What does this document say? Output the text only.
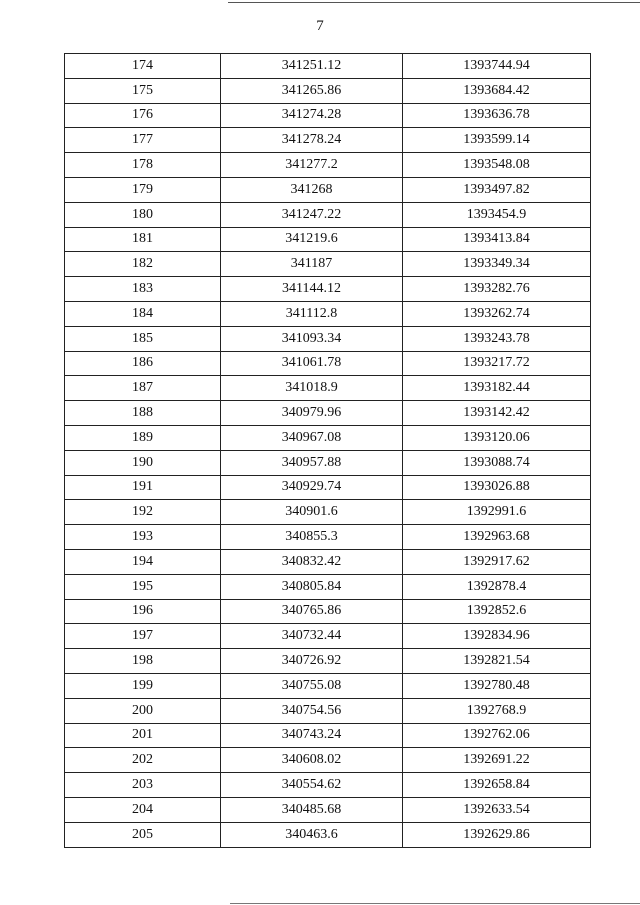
7
174	341251.12	1393744.94
175	341265.86	1393684.42
176	341274.28	1393636.78
177	341278.24	1393599.14
178	341277.2	1393548.08
179	341268	1393497.82
180	341247.22	1393454.9
181	341219.6	1393413.84
182	341187	1393349.34
183	341144.12	1393282.76
184	341112.8	1393262.74
185	341093.34	1393243.78
186	341061.78	1393217.72
187	341018.9	1393182.44
188	340979.96	1393142.42
189	340967.08	1393120.06
190	340957.88	1393088.74
191	340929.74	1393026.88
192	340901.6	1392991.6
193	340855.3	1392963.68
194	340832.42	1392917.62
195	340805.84	1392878.4
196	340765.86	1392852.6
197	340732.44	1392834.96
198	340726.92	1392821.54
199	340755.08	1392780.48
200	340754.56	1392768.9
201	340743.24	1392762.06
202	340608.02	1392691.22
203	340554.62	1392658.84
204	340485.68	1392633.54
205	340463.6	1392629.86
